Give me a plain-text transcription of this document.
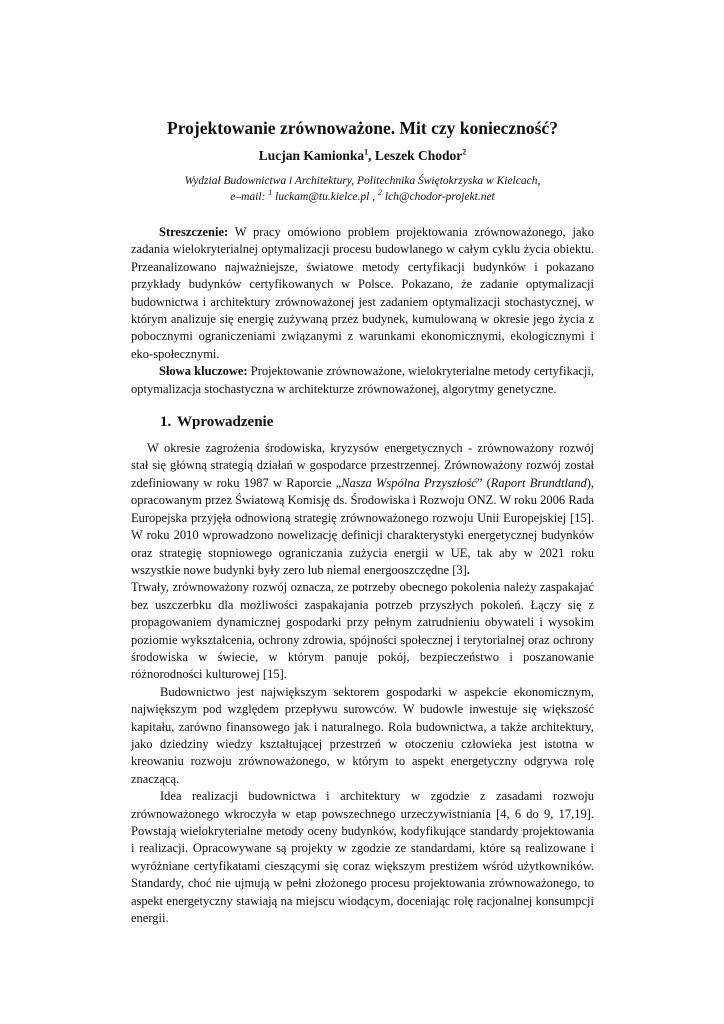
Projektowanie zrównoważone. Mit czy konieczność?
Lucjan Kamionka$^1$, Leszek Chodor$^2$
Wydział Budownictwa i Architektury, Politechnika Świętokrzyska w Kielcach,
e–mail: $^1$ luckam@tu.kielce.pl , $^2$ lch@chodor-projekt.net

Streszczenie: W pracy omówiono problem projektowania zrównoważonego, jako zadania wielokryterialnej optymalizacji procesu budowlanego w całym cyklu życia obiektu. Przeanalizowano najważniejsze, światowe metody certyfikacji budynków i pokazano przykłady budynków certyfikowanych w Polsce. Pokazano, że zadanie optymalizacji budownictwa i architektury zrównoważonej jest zadaniem optymalizacji stochastycznej, w którym analizuje się energię zużywaną przez budynek, kumulowaną w okresie jego życia z pobocznymi ograniczeniami związanymi z warunkami ekonomicznymi, ekologicznymi i eko-społecznymi.

Słowa kluczowe: Projektowanie zrównoważone, wielokryterialne metody certyfikacji, optymalizacja stochastyczna w architekturze zrównoważonej, algorytmy genetyczne.

1. Wprowadzenie

W okresie zagrożenia środowiska, kryzysów energetycznych - zrównoważony rozwój stał się główną strategią działań w gospodarce przestrzennej. Zrównoważony rozwój został zdefiniowany w roku 1987 w Raporcie „Nasza Wspólna Przyszłość” (Raport Brundtland), opracowanym przez Światową Komisję ds. Środowiska i Rozwoju ONZ. W roku 2006 Rada Europejska przyjęła odnowioną strategię zrównoważonego rozwoju Unii Europejskiej [15]. W roku 2010 wprowadzono nowelizację definicji charakterystyki energetycznej budynków oraz strategię stopniowego ograniczania zużycia energii w UE, tak aby w 2021 roku wszystkie nowe budynki były zero lub niemal energooszczędne [3].

Trwały, zrównoważony rozwój oznacza, ze potrzeby obecnego pokolenia należy zaspakajać bez uszczerbku dla możliwości zaspakajania potrzeb przyszłych pokoleń. Łączy się z propagowaniem dynamicznej gospodarki przy pełnym zatrudnieniu obywateli i wysokim poziomie wykształcenia, ochrony zdrowia, spójności społecznej i terytorialnej oraz ochrony środowiska w świecie, w którym panuje pokój, bezpieczeństwo i poszanowanie różnorodności kulturowej [15].

Budownictwo jest największym sektorem gospodarki w aspekcie ekonomicznym, największym pod względem przepływu surowców. W budowle inwestuje się większość kapitału, zarówno finansowego jak i naturalnego. Rola budownictwa, a także architektury, jako dziedziny wiedzy kształtującej przestrzeń w otoczeniu człowieka jest istotna w kreowaniu rozwoju zrównoważonego, w którym to aspekt energetyczny odgrywa rolę znaczącą.

Idea realizacji budownictwa i architektury w zgodzie z zasadami rozwoju zrównoważonego wkroczyła w etap powszechnego urzeczywistniania [4, 6 do 9, 17,19]. Powstają wielokryterialne metody oceny budynków, kodyfikujące standardy projektowania i realizacji. Opracowywane są projekty w zgodzie ze standardami, które są realizowane i wyróżniane certyfikatami cieszącymi się coraz większym prestiżem wśród użytkowników. Standardy, choć nie ujmują w pełni złożonego procesu projektowania zrównoważonego, to aspekt energetyczny stawiają na miejscu wiodącym, doceniając rolę racjonalnej konsumpcji energii.
